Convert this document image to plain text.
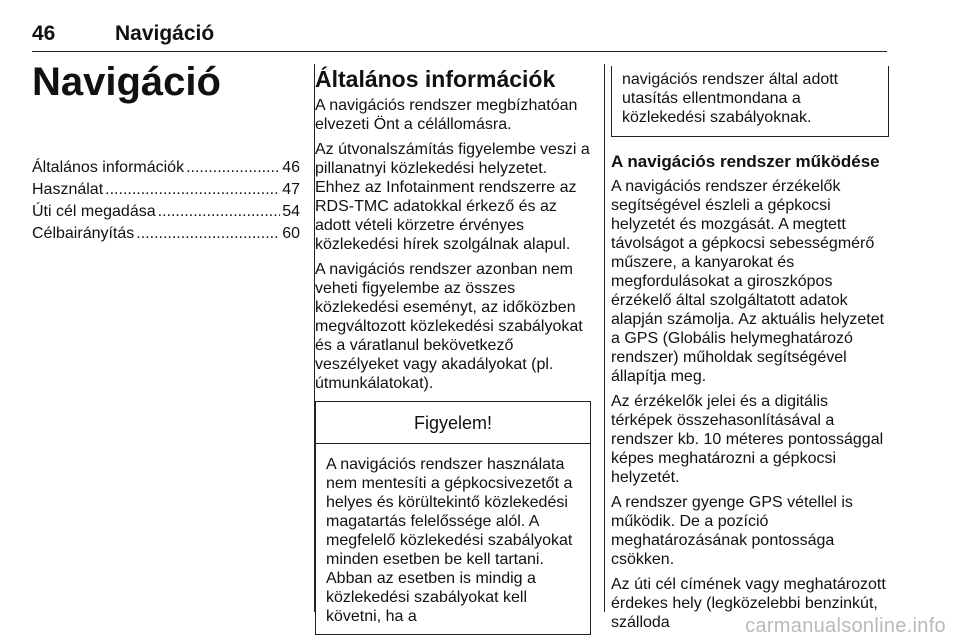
46	Navigáció
Navigáció
Általános információk .....	46
Használat .....	47
Úti cél megadása .....	54
Célbairányítás .....	60
Általános információk

A navigációs rendszer megbízhatóan elvezeti Önt a célállomásra.

Az útvonalszámítás figyelembe veszi a pillanatnyi közlekedési helyzetet. Ehhez az Infotainment rendszerre az RDS-TMC adatokkal érkező és az adott vételi körzetre érvényes közlekedési hírek szolgálnak alapul.

A navigációs rendszer azonban nem veheti figyelembe az összes közlekedési eseményt, az időközben megváltozott közlekedési szabályokat és a váratlanul bekövetkező veszélyeket vagy akadályokat (pl. útmunkálatokat).

Figyelem!

A navigációs rendszer használata nem mentesíti a gépkocsivezetőt a helyes és körültekintő közlekedési magatartás felelőssége alól. A megfelelő közlekedési szabályokat minden esetben be kell tartani. Abban az esetben is mindig a közlekedési szabályokat kell követni, ha a

navigációs rendszer által adott utasítás ellentmondana a közlekedési szabályoknak.

A navigációs rendszer működése

A navigációs rendszer érzékelők segítségével észleli a gépkocsi helyzetét és mozgását. A megtett távolságot a gépkocsi sebességmérő műszere, a kanyarokat és megfordulásokat a giroszkópos érzékelő által szolgáltatott adatok alapján számolja. Az aktuális helyzetet a GPS (Globális helymeghatározó rendszer) műholdak segítségével állapítja meg.

Az érzékelők jelei és a digitális térképek összehasonlításával a rendszer kb. 10 méteres pontossággal képes meghatározni a gépkocsi helyzetét.

A rendszer gyenge GPS vétellel is működik. De a pozíció meghatározásának pontossága csökken.

Az úti cél címének vagy meghatározott érdekes hely (legközelebbi benzinkút, szálloda	carmanualsonline.info
